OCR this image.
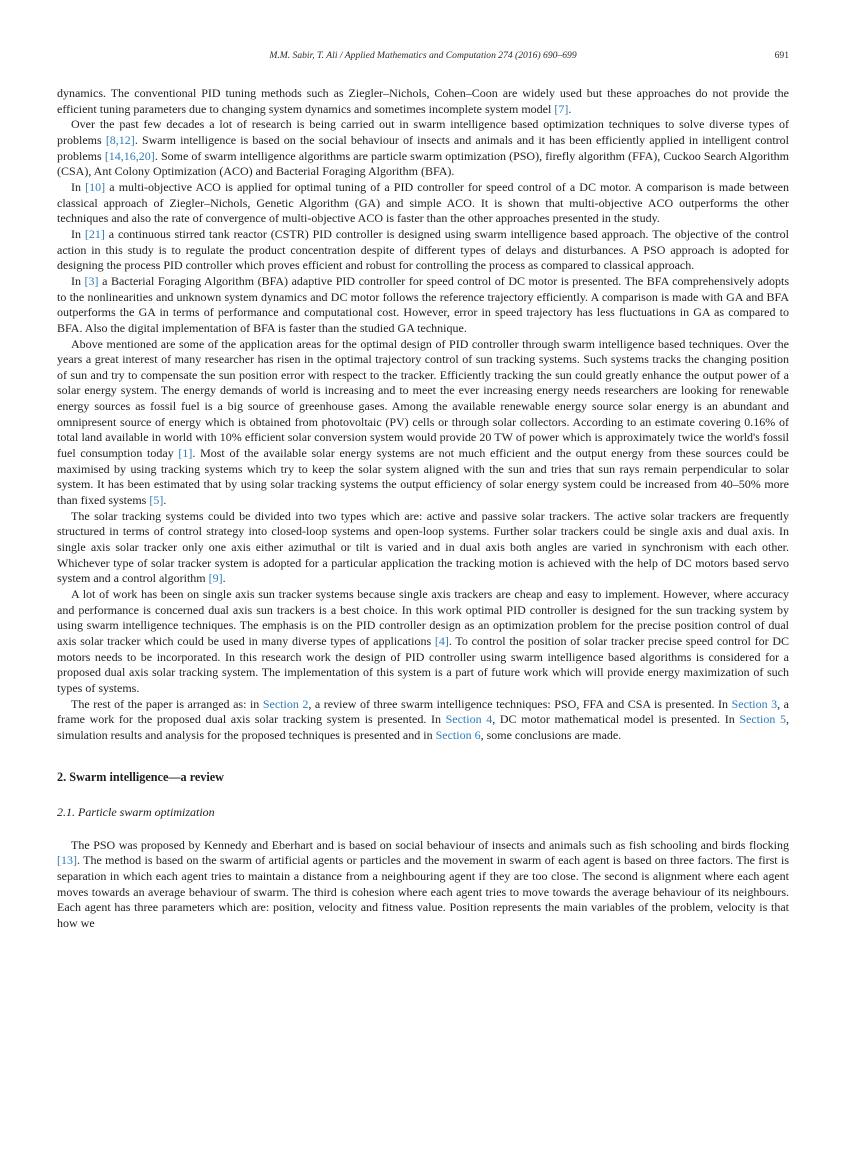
M.M. Sabir, T. Ali / Applied Mathematics and Computation 274 (2016) 690–699	691

dynamics. The conventional PID tuning methods such as Ziegler–Nichols, Cohen–Coon are widely used but these approaches do not provide the efficient tuning parameters due to changing system dynamics and sometimes incomplete system model [7].

Over the past few decades a lot of research is being carried out in swarm intelligence based optimization techniques to solve diverse types of problems [8,12]. Swarm intelligence is based on the social behaviour of insects and animals and it has been efficiently applied in intelligent control problems [14,16,20]. Some of swarm intelligence algorithms are particle swarm optimization (PSO), firefly algorithm (FFA), Cuckoo Search Algorithm (CSA), Ant Colony Optimization (ACO) and Bacterial Foraging Algorithm (BFA).

In [10] a multi-objective ACO is applied for optimal tuning of a PID controller for speed control of a DC motor. A comparison is made between classical approach of Ziegler–Nichols, Genetic Algorithm (GA) and simple ACO. It is shown that multi-objective ACO outperforms the other techniques and also the rate of convergence of multi-objective ACO is faster than the other approaches presented in the study.

In [21] a continuous stirred tank reactor (CSTR) PID controller is designed using swarm intelligence based approach. The objective of the control action in this study is to regulate the product concentration despite of different types of delays and disturbances. A PSO approach is adopted for designing the process PID controller which proves efficient and robust for controlling the process as compared to classical approach.

In [3] a Bacterial Foraging Algorithm (BFA) adaptive PID controller for speed control of DC motor is presented. The BFA comprehensively adopts to the nonlinearities and unknown system dynamics and DC motor follows the reference trajectory efficiently. A comparison is made with GA and BFA outperforms the GA in terms of performance and computational cost. However, error in speed trajectory has less fluctuations in GA as compared to BFA. Also the digital implementation of BFA is faster than the studied GA technique.

Above mentioned are some of the application areas for the optimal design of PID controller through swarm intelligence based techniques. Over the years a great interest of many researcher has risen in the optimal trajectory control of sun tracking systems. Such systems tracks the changing position of sun and try to compensate the sun position error with respect to the tracker. Efficiently tracking the sun could greatly enhance the output power of a solar energy system. The energy demands of world is increasing and to meet the ever increasing energy needs researchers are looking for renewable energy sources as fossil fuel is a big source of greenhouse gases. Among the available renewable energy source solar energy is an abundant and omnipresent source of energy which is obtained from photovoltaic (PV) cells or through solar collectors. According to an estimate covering 0.16% of total land available in world with 10% efficient solar conversion system would provide 20 TW of power which is approximately twice the world's fossil fuel consumption today [1]. Most of the available solar energy systems are not much efficient and the output energy from these sources could be maximised by using tracking systems which try to keep the solar system aligned with the sun and tries that sun rays remain perpendicular to solar system. It has been estimated that by using solar tracking systems the output efficiency of solar energy system could be increased from 40–50% more than fixed systems [5].

The solar tracking systems could be divided into two types which are: active and passive solar trackers. The active solar trackers are frequently structured in terms of control strategy into closed-loop systems and open-loop systems. Further solar trackers could be single axis and dual axis. In single axis solar tracker only one axis either azimuthal or tilt is varied and in dual axis both angles are varied in synchronism with each other. Whichever type of solar tracker system is adopted for a particular application the tracking motion is achieved with the help of DC motors based servo system and a control algorithm [9].

A lot of work has been on single axis sun tracker systems because single axis trackers are cheap and easy to implement. However, where accuracy and performance is concerned dual axis sun trackers is a best choice. In this work optimal PID controller is designed for the sun tracking system by using swarm intelligence techniques. The emphasis is on the PID controller design as an optimization problem for the precise position control of dual axis solar tracker which could be used in many diverse types of applications [4]. To control the position of solar tracker precise speed control for DC motors needs to be incorporated. In this research work the design of PID controller using swarm intelligence based algorithms is considered for a proposed dual axis solar tracking system. The implementation of this system is a part of future work which will provide energy maximization of such types of systems.

The rest of the paper is arranged as: in Section 2, a review of three swarm intelligence techniques: PSO, FFA and CSA is presented. In Section 3, a frame work for the proposed dual axis solar tracking system is presented. In Section 4, DC motor mathematical model is presented. In Section 5, simulation results and analysis for the proposed techniques is presented and in Section 6, some conclusions are made.

2. Swarm intelligence—a review
2.1. Particle swarm optimization

The PSO was proposed by Kennedy and Eberhart and is based on social behaviour of insects and animals such as fish schooling and birds flocking [13]. The method is based on the swarm of artificial agents or particles and the movement in swarm of each agent is based on three factors. The first is separation in which each agent tries to maintain a distance from a neighbouring agent if they are too close. The second is alignment where each agent moves towards an average behaviour of swarm. The third is cohesion where each agent tries to move towards the average behaviour of its neighbours. Each agent has three parameters which are: position, velocity and fitness value. Position represents the main variables of the problem, velocity is that how we
